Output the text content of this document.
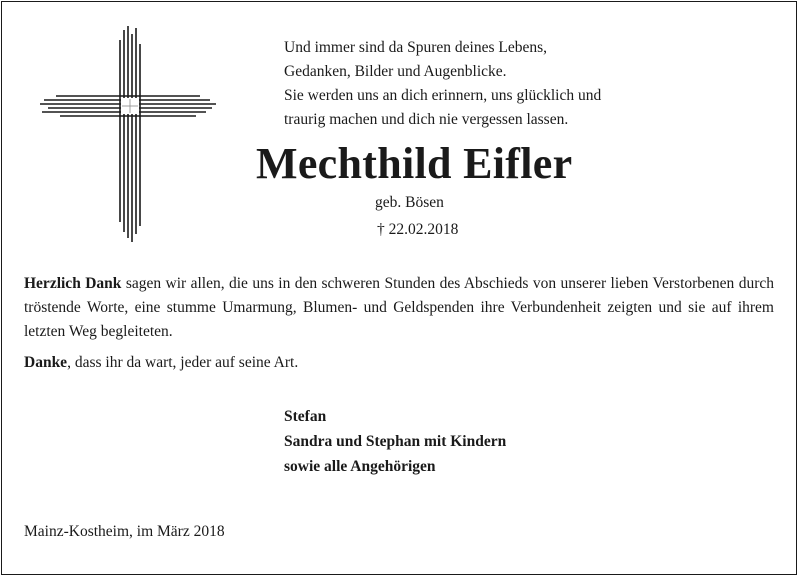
Und immer sind da Spuren deines Lebens,
Gedanken, Bilder und Augenblicke.
Sie werden uns an dich erinnern, uns glücklich und
traurig machen und dich nie vergessen lassen.
Mechthild Eifler
geb. Bösen
† 22.02.2018
Herzlich Dank sagen wir allen, die uns in den schweren Stunden des Abschieds von unserer lieben Verstorbenen durch tröstende Worte, eine stumme Umarmung, Blumen- und Geldspenden ihre Verbundenheit zeigten und sie auf ihrem letzten Weg begleiteten.
Danke, dass ihr da wart, jeder auf seine Art.
Stefan
Sandra und Stephan mit Kindern
sowie alle Angehörigen
Mainz-Kostheim, im März 2018
